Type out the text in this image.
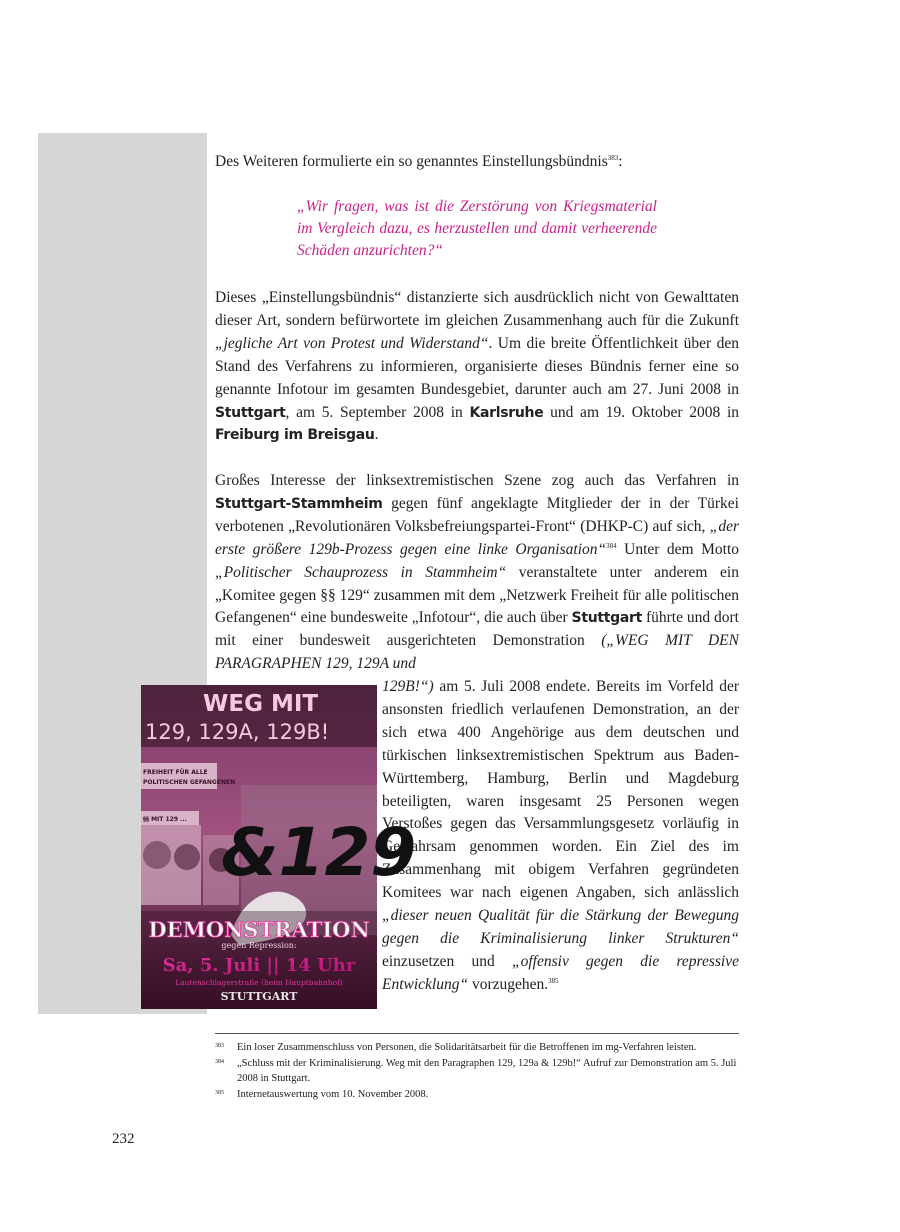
Des Weiteren formulierte ein so genanntes Einstellungsbündnis$^{383}$:

„Wir fragen, was ist die Zerstörung von Kriegsmaterial im Vergleich dazu, es herzustellen und damit verheerende Schäden anzurichten?“

Dieses „Einstellungsbündnis“ distanzierte sich ausdrücklich nicht von Gewalttaten dieser Art, sondern befürwortete im gleichen Zusammenhang auch für die Zukunft „jegliche Art von Protest und Widerstand“. Um die breite Öffentlichkeit über den Stand des Verfahrens zu informieren, organisierte dieses Bündnis ferner eine so genannte Infotour im gesamten Bundesgebiet, darunter auch am 27. Juni 2008 in Stuttgart, am 5. September 2008 in Karlsruhe und am 19. Oktober 2008 in Freiburg im Breisgau.

Großes Interesse der linksextremistischen Szene zog auch das Verfahren in Stuttgart-Stammheim gegen fünf angeklagte Mitglieder der in der Türkei verbotenen „Revolutionären Volksbefreiungspartei-Front“ (DHKP-C) auf sich, „der erste größere 129b-Prozess gegen eine linke Organisation“$^{384}$ Unter dem Motto „Politischer Schauprozess in Stammheim“ veranstaltete unter anderem ein „Komitee gegen §§ 129“ zusammen mit dem „Netzwerk Freiheit für alle politischen Gefangenen“ eine bundesweite „Infotour“, die auch über Stuttgart führte und dort mit einer bundesweit ausgerichteten Demonstration („WEG MIT DEN PARAGRAPHEN 129, 129A und

129B!“) am 5. Juli 2008 endete. Bereits im Vorfeld der ansonsten friedlich verlaufenen Demonstration, an der sich etwa 400 Angehörige aus dem deutschen und türkischen linksextremistischen Spektrum aus Baden-Württemberg, Hamburg, Berlin und Magdeburg beteiligten, waren insgesamt 25 Personen wegen Verstoßes gegen das Versammlungsgesetz vorläufig in Gewahrsam genommen worden. Ein Ziel des im Zusammenhang mit obigem Verfahren gegründeten Komitees war nach eigenen Angaben, sich anlässlich „dieser neuen Qualität für die Stärkung der Bewegung gegen die Kriminalisierung linker Strukturen“ einzusetzen und „offensiv gegen die repressive Entwicklung“ vorzugehen.$^{385}$

WEG MIT
129, 129A, 129B!
FREIHEIT FÜR ALLE
POLITISCHEN GEFANGENEN
§§ MIT 129 ... &129
DEMONSTRATION
gegen Repression:
Sa, 5. Juli || 14 Uhr
Lautenschlagerstraße (beim Hauptbahnhof)
STUTTGART

383 Ein loser Zusammenschluss von Personen, die Solidaritätsarbeit für die Betroffenen im mg-Verfahren leisten.

384 „Schluss mit der Kriminalisierung. Weg mit den Paragraphen 129, 129a & 129b!“ Aufruf zur Demonstration am 5. Juli 2008 in Stuttgart.

385 Internetauswertung vom 10. November 2008.

232
